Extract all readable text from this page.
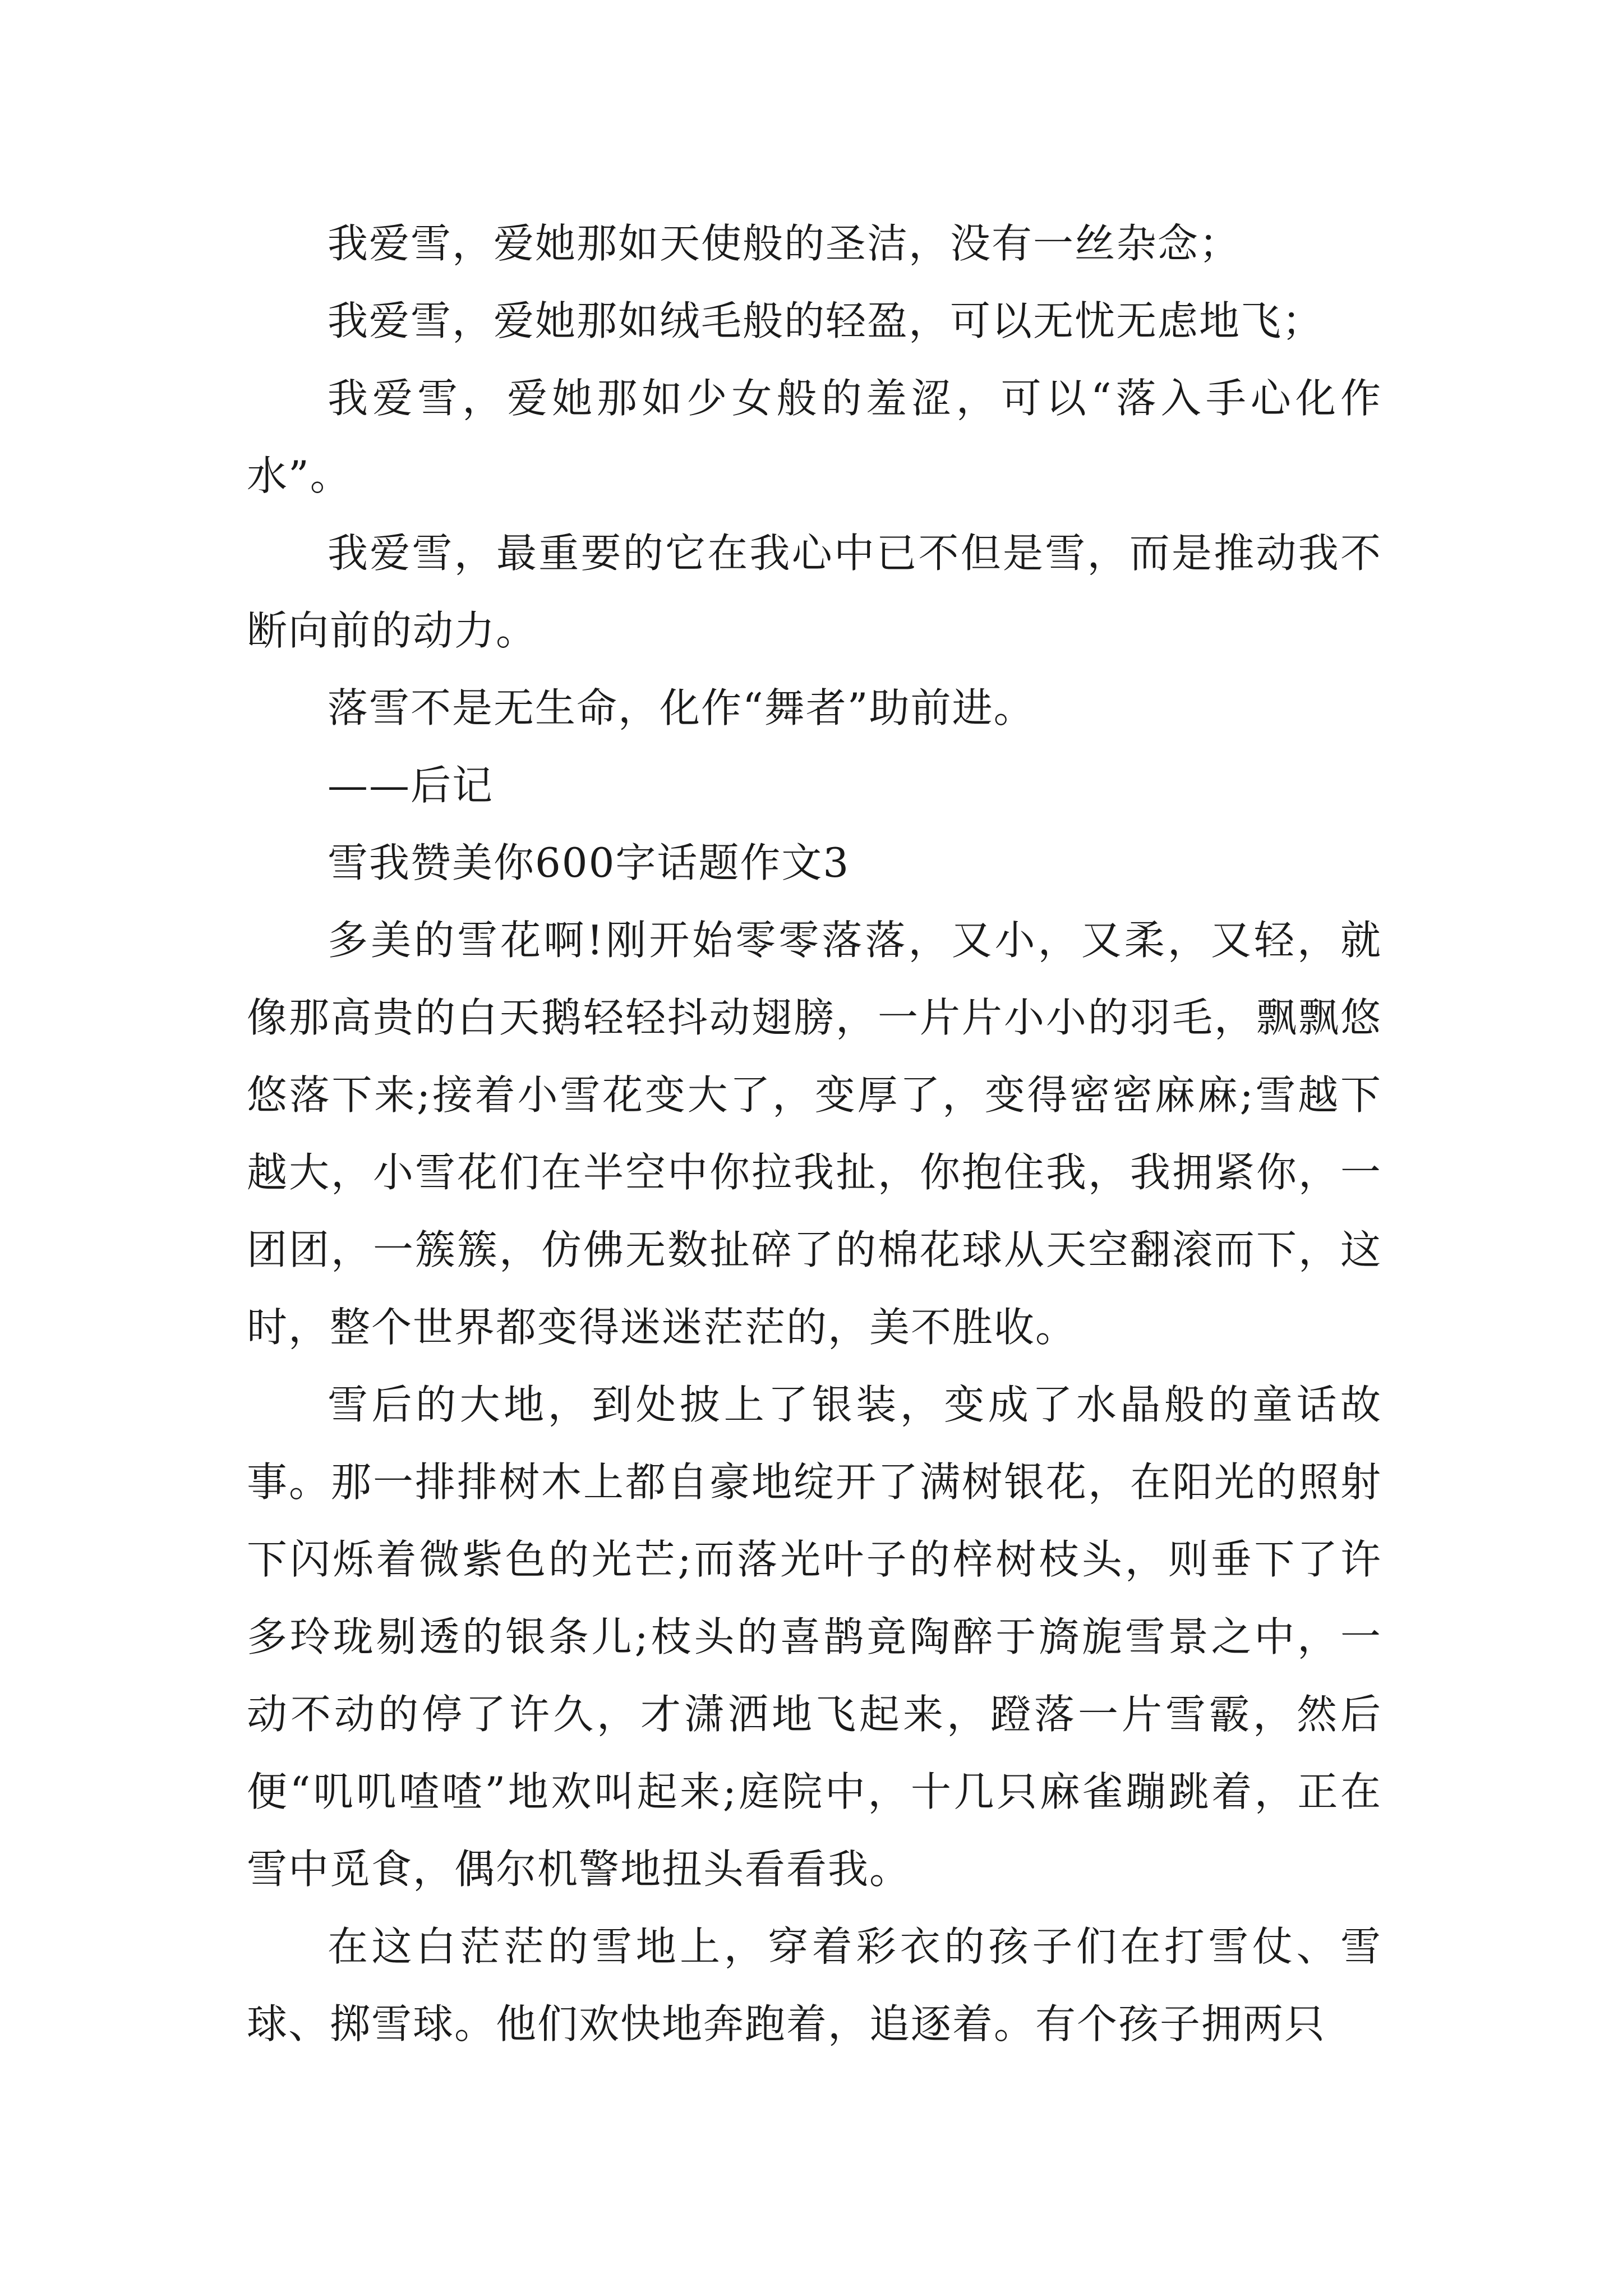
我爱雪，爱她那如天使般的圣洁，没有一丝杂念；

我爱雪，爱她那如绒毛般的轻盈，可以无忧无虑地飞；

我爱雪，爱她那如少女般的羞涩，可以“落入手心化作水”。

我爱雪，最重要的它在我心中已不但是雪，而是推动我不断向前的动力。

落雪不是无生命，化作“舞者”助前进。

——后记

雪我赞美你600字话题作文3

多美的雪花啊!刚开始零零落落，又小，又柔，又轻，就像那高贵的白天鹅轻轻抖动翅膀，一片片小小的羽毛，飘飘悠悠落下来;接着小雪花变大了，变厚了，变得密密麻麻;雪越下越大，小雪花们在半空中你拉我扯，你抱住我，我拥紧你，一团团，一簇簇，仿佛无数扯碎了的棉花球从天空翻滚而下，这时，整个世界都变得迷迷茫茫的，美不胜收。

雪后的大地，到处披上了银装，变成了水晶般的童话故事。那一排排树木上都自豪地绽开了满树银花，在阳光的照射下闪烁着微紫色的光芒;而落光叶子的梓树枝头，则垂下了许多玲珑剔透的银条儿;枝头的喜鹊竟陶醉于旖旎雪景之中，一动不动的停了许久，才潇洒地飞起来，蹬落一片雪霰，然后便“叽叽喳喳”地欢叫起来;庭院中，十几只麻雀蹦跳着，正在雪中觅食，偶尔机警地扭头看看我。

在这白茫茫的雪地上，穿着彩衣的孩子们在打雪仗、雪球、掷雪球。他们欢快地奔跑着，追逐着。有个孩子拥两只
